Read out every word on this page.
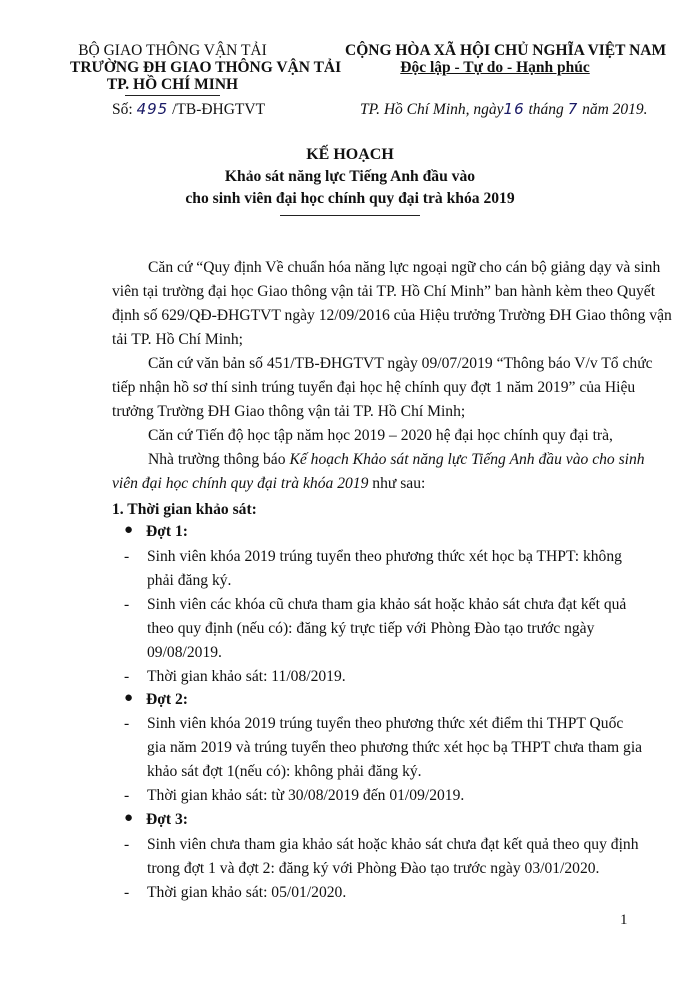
BỘ GIAO THÔNG VẬN TẢI
TRƯỜNG ĐH GIAO THÔNG VẬN TẢI
TP. HỒ CHÍ MINH
CỘNG HÒA XÃ HỘI CHỦ NGHĨA VIỆT NAM
Độc lập - Tự do - Hạnh phúc
Số: 495 /TB-ĐHGTVT	TP. Hồ Chí Minh, ngày16 tháng 7 năm 2019.
KẾ HOẠCH
Khảo sát năng lực Tiếng Anh đầu vào
cho sinh viên đại học chính quy đại trà khóa 2019
Căn cứ “Quy định Về chuẩn hóa năng lực ngoại ngữ cho cán bộ giảng dạy và sinh
viên tại trường đại học Giao thông vận tải TP. Hồ Chí Minh” ban hành kèm theo Quyết
định số 629/QĐ-ĐHGTVT ngày 12/09/2016 của Hiệu trưởng Trường ĐH Giao thông vận
tải TP. Hồ Chí Minh;
Căn cứ văn bản số 451/TB-ĐHGTVT ngày 09/07/2019 “Thông báo V/v Tổ chức
tiếp nhận hồ sơ thí sinh trúng tuyển đại học hệ chính quy đợt 1 năm 2019” của Hiệu
trưởng Trường ĐH Giao thông vận tải TP. Hồ Chí Minh;
Căn cứ Tiến độ học tập năm học 2019 – 2020 hệ đại học chính quy đại trà,
Nhà trường thông báo Kế hoạch Khảo sát năng lực Tiếng Anh đầu vào cho sinh
viên đại học chính quy đại trà khóa 2019 như sau:
1. Thời gian khảo sát:
● Đợt 1:
- Sinh viên khóa 2019 trúng tuyển theo phương thức xét học bạ THPT: không
phải đăng ký.
- Sinh viên các khóa cũ chưa tham gia khảo sát hoặc khảo sát chưa đạt kết quả
theo quy định (nếu có): đăng ký trực tiếp với Phòng Đào tạo trước ngày
09/08/2019.
- Thời gian khảo sát: 11/08/2019.
● Đợt 2:
- Sinh viên khóa 2019 trúng tuyển theo phương thức xét điểm thi THPT Quốc
gia năm 2019 và trúng tuyển theo phương thức xét học bạ THPT chưa tham gia
khảo sát đợt 1(nếu có): không phải đăng ký.
- Thời gian khảo sát: từ 30/08/2019 đến 01/09/2019.
● Đợt 3:
- Sinh viên chưa tham gia khảo sát hoặc khảo sát chưa đạt kết quả theo quy định
trong đợt 1 và đợt 2: đăng ký với Phòng Đào tạo trước ngày 03/01/2020.
- Thời gian khảo sát: 05/01/2020.
1
